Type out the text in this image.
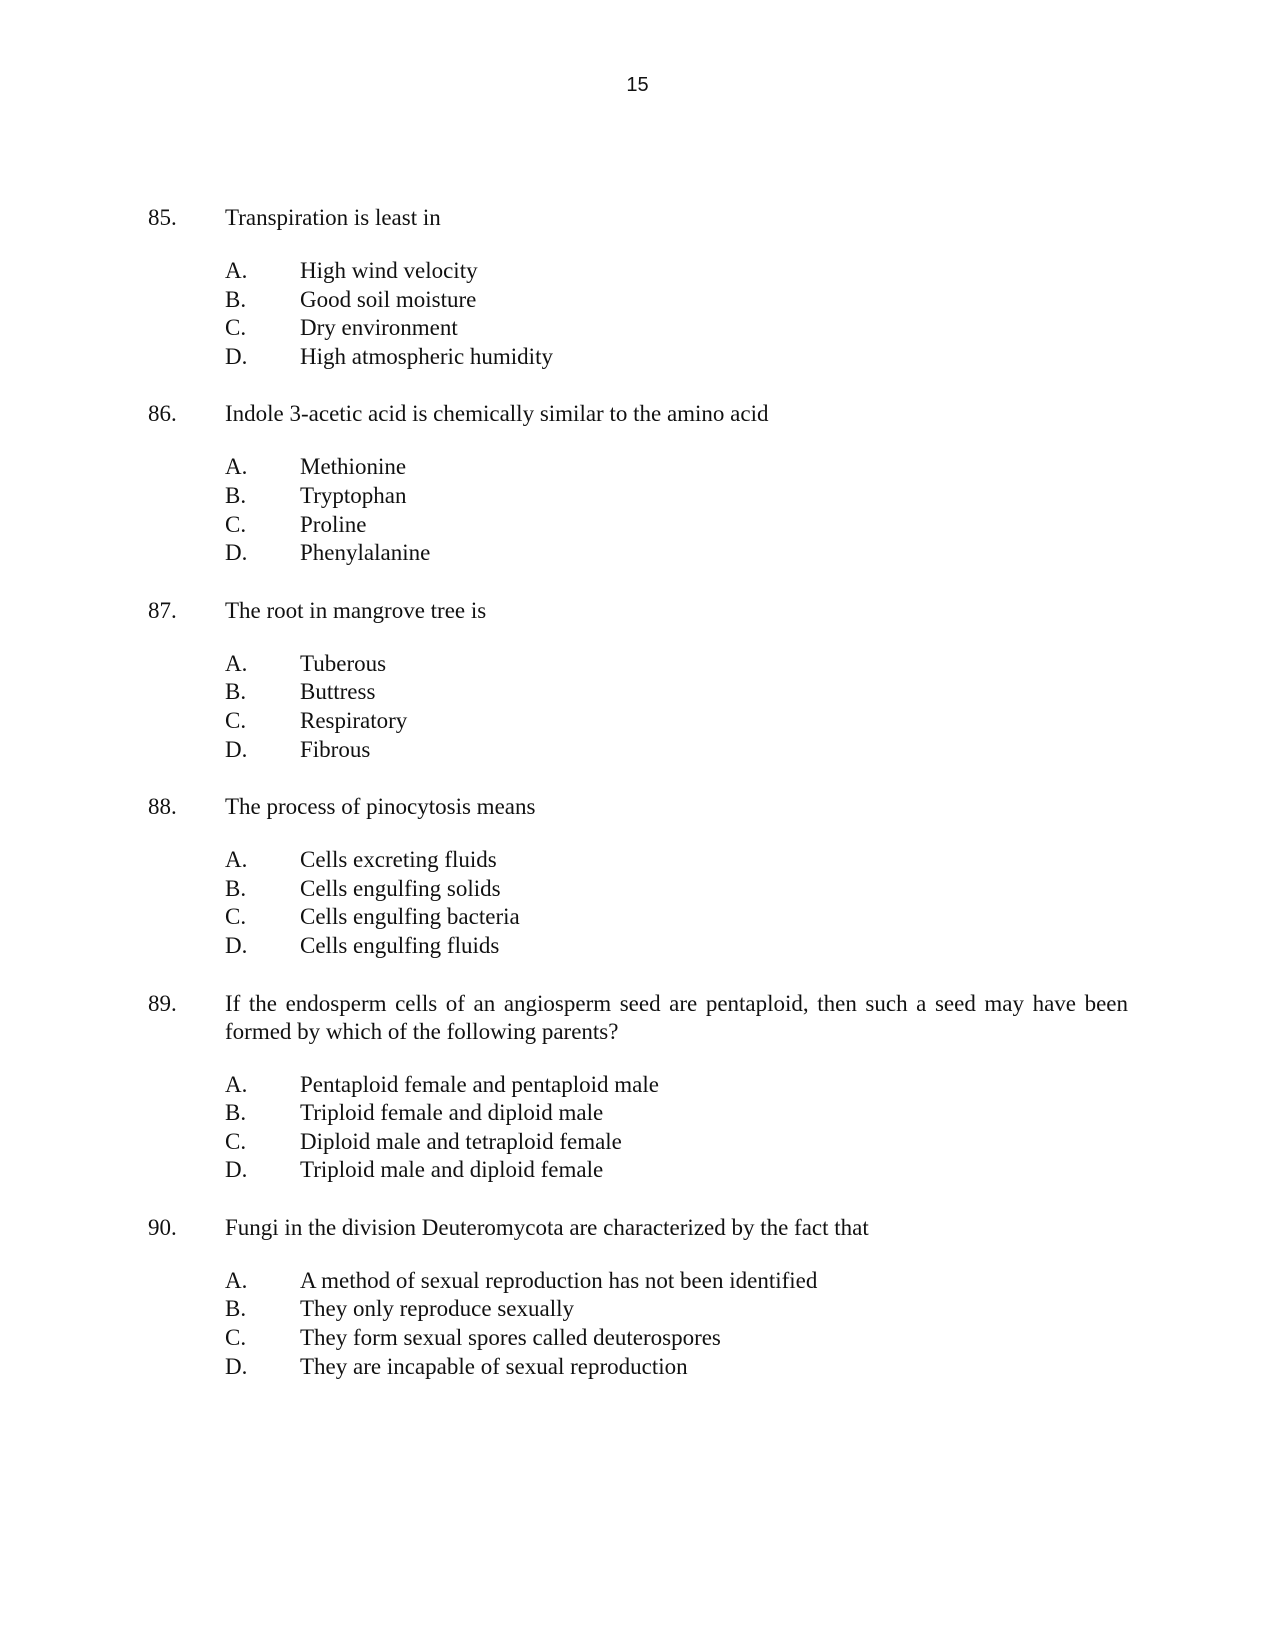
15
85.	Transpiration is least in
A.	High wind velocity
B.	Good soil moisture
C.	Dry environment
D.	High atmospheric humidity
86.	Indole 3-acetic acid is chemically similar to the amino acid
A.	Methionine
B.	Tryptophan
C.	Proline
D.	Phenylalanine
87.	The root in mangrove tree is
A.	Tuberous
B.	Buttress
C.	Respiratory
D.	Fibrous
88.	The process of pinocytosis means
A.	Cells excreting fluids
B.	Cells engulfing solids
C.	Cells engulfing bacteria
D.	Cells engulfing fluids
89.	If the endosperm cells of an angiosperm seed are pentaploid, then such a seed may have been formed by which of the following parents?
A.	Pentaploid female and pentaploid male
B.	Triploid female and diploid male
C.	Diploid male and tetraploid female
D.	Triploid male and diploid female
90.	Fungi in the division Deuteromycota are characterized by the fact that
A.	A method of sexual reproduction has not been identified
B.	They only reproduce sexually
C.	They form sexual spores called deuterospores
D.	They are incapable of sexual reproduction
